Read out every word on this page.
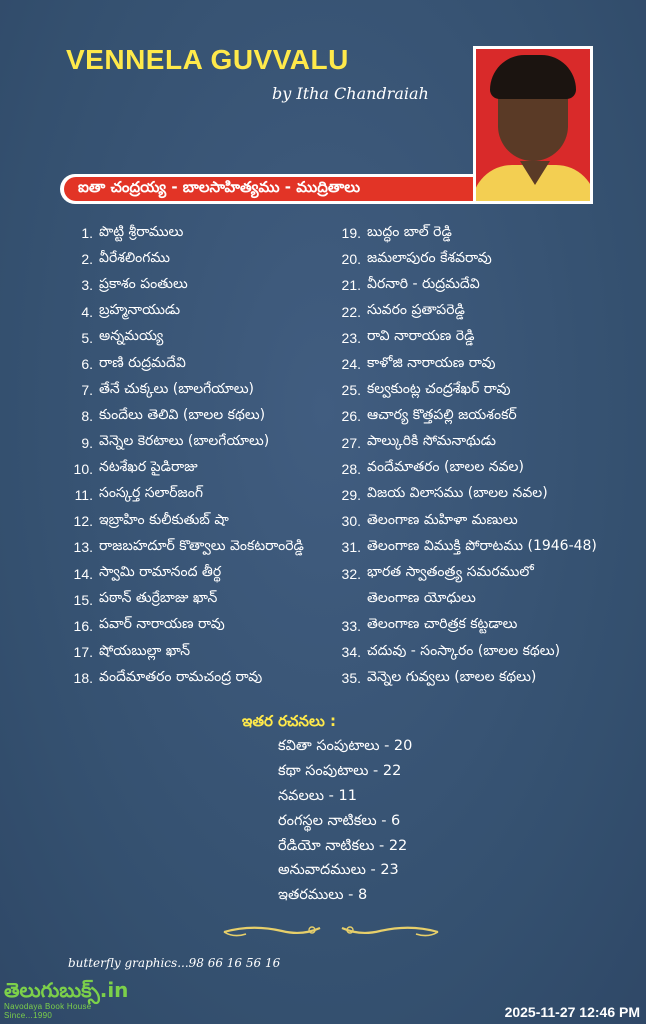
VENNELA GUVVALU
by Itha Chandraiah
ఐతా చంద్రయ్య - బాలసాహిత్యము - ముద్రితాలు
1. పొట్టి శ్రీరాములు
2. వీరేశలింగము
3. ప్రకాశం పంతులు
4. బ్రహ్మనాయుడు
5. అన్నమయ్య
6. రాణి రుద్రమదేవి
7. తేనే చుక్కలు (బాలగేయాలు)
8. కుందేలు తెలివి (బాలల కథలు)
9. వెన్నెల కెరటాలు (బాలగేయాలు)
10. నటశేఖర పైడిరాజు
11. సంస్కర్త సలార్‌జంగ్
12. ఇబ్రాహిం కులీకుతుబ్ షా
13. రాజబహదూర్ కొత్వాలు వెంకటరాంరెడ్డి
14. స్వామి రామానంద తీర్థ
15. పఠాన్ తుర్రేబాజు ఖాన్
16. పవార్ నారాయణ రావు
17. షోయబుల్లా ఖాన్
18. వందేమాతరం రామచంద్ర రావు
19. బుద్ధం బాల్ రెడ్డి
20. జమలాపురం కేశవరావు
21. వీరనారి - రుద్రమదేవి
22. సువరం ప్రతాపరెడ్డి
23. రావి నారాయణ రెడ్డి
24. కాళోజి నారాయణ రావు
25. కల్వకుంట్ల చంద్రశేఖర్ రావు
26. ఆచార్య కొత్తపల్లి జయశంకర్
27. పాల్కురికి సోమనాథుడు
28. వందేమాతరం (బాలల నవల)
29. విజయ విలాసము (బాలల నవల)
30. తెలంగాణ మహిళా మణులు
31. తెలంగాణ విముక్తి పోరాటము (1946-48)
32. భారత స్వాతంత్ర్య సమరములో
తెలంగాణ యోధులు
33. తెలంగాణ చారిత్రక కట్టడాలు
34. చదువు - సంస్కారం (బాలల కథలు)
35. వెన్నెల గువ్వలు (బాలల కథలు)
ఇతర రచనలు :
కవితా సంపుటాలు - 20
కథా సంపుటాలు - 22
నవలలు - 11
రంగస్థల నాటికలు - 6
రేడియో నాటికలు - 22
అనువాదములు - 23
ఇతరములు - 8
butterfly graphics...98 66 16 56 16
తెలుగుబుక్స్.in
Navodaya Book House Since...1990	2025-11-27 12:46 PM
